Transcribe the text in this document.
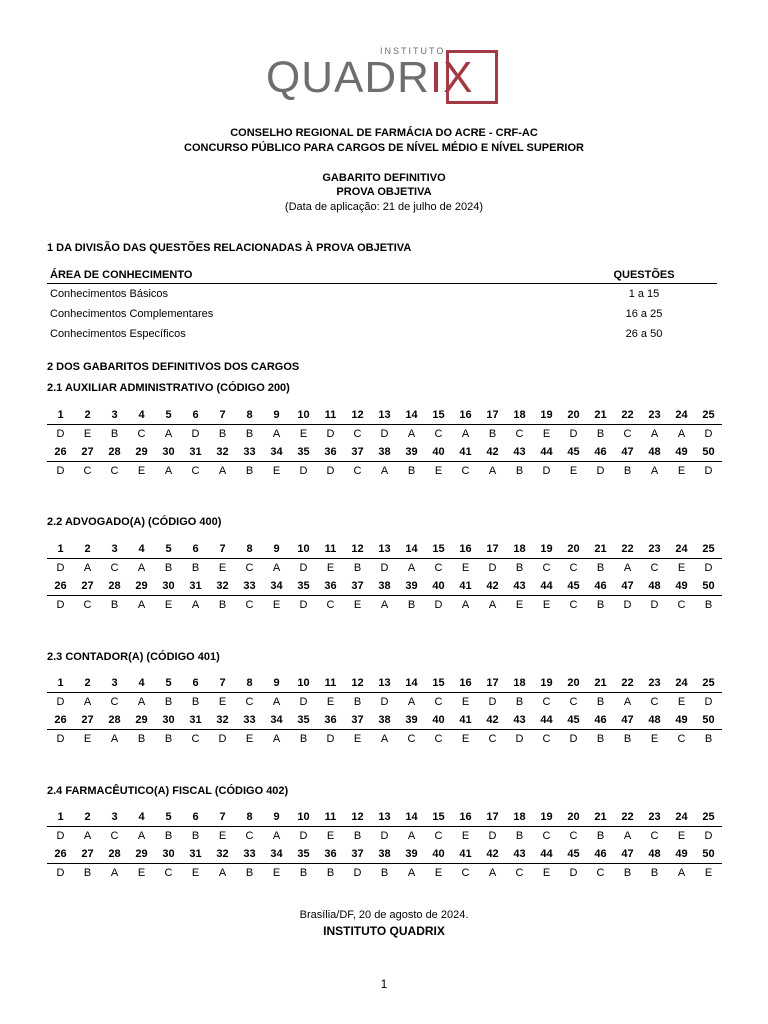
INSTITUTO
QUADRIX
CONSELHO REGIONAL DE FARMÁCIA DO ACRE - CRF-AC
CONCURSO PÚBLICO PARA CARGOS DE NÍVEL MÉDIO E NÍVEL SUPERIOR
GABARITO DEFINITIVO
PROVA OBJETIVA
(Data de aplicação: 21 de julho de 2024)
1 DA DIVISÃO DAS QUESTÕES RELACIONADAS À PROVA OBJETIVA
ÁREA DE CONHECIMENTO	QUESTÕES
Conhecimentos Básicos	1 a 15
Conhecimentos Complementares	16 a 25
Conhecimentos Específicos	26 a 50
2 DOS GABARITOS DEFINITIVOS DOS CARGOS
2.1 AUXILIAR ADMINISTRATIVO (CÓDIGO 200)
1	2	3	4	5	6	7	8	9	10	11	12	13	14	15	16	17	18	19	20	21	22	23	24	25
D	E	B	C	A	D	B	B	A	E	D	C	D	A	C	A	B	C	E	D	B	C	A	A	D
26	27	28	29	30	31	32	33	34	35	36	37	38	39	40	41	42	43	44	45	46	47	48	49	50
D	C	C	E	A	C	A	B	E	D	D	C	A	B	E	C	A	B	D	E	D	B	A	E	D
2.2 ADVOGADO(A) (CÓDIGO 400)
1	2	3	4	5	6	7	8	9	10	11	12	13	14	15	16	17	18	19	20	21	22	23	24	25
D	A	C	A	B	B	E	C	A	D	E	B	D	A	C	E	D	B	C	C	B	A	C	E	D
26	27	28	29	30	31	32	33	34	35	36	37	38	39	40	41	42	43	44	45	46	47	48	49	50
D	C	B	A	E	A	B	C	E	D	C	E	A	B	D	A	A	E	E	C	B	D	D	C	B
2.3 CONTADOR(A) (CÓDIGO 401)
1	2	3	4	5	6	7	8	9	10	11	12	13	14	15	16	17	18	19	20	21	22	23	24	25
D	A	C	A	B	B	E	C	A	D	E	B	D	A	C	E	D	B	C	C	B	A	C	E	D
26	27	28	29	30	31	32	33	34	35	36	37	38	39	40	41	42	43	44	45	46	47	48	49	50
D	E	A	B	B	C	D	E	A	B	D	E	A	C	C	E	C	D	C	D	B	B	E	C	B
2.4 FARMACÊUTICO(A) FISCAL (CÓDIGO 402)
1	2	3	4	5	6	7	8	9	10	11	12	13	14	15	16	17	18	19	20	21	22	23	24	25
D	A	C	A	B	B	E	C	A	D	E	B	D	A	C	E	D	B	C	C	B	A	C	E	D
26	27	28	29	30	31	32	33	34	35	36	37	38	39	40	41	42	43	44	45	46	47	48	49	50
D	B	A	E	C	E	A	B	E	B	B	D	B	A	E	C	A	C	E	D	C	B	B	A	E
Brasília/DF, 20 de agosto de 2024.
INSTITUTO QUADRIX
1
